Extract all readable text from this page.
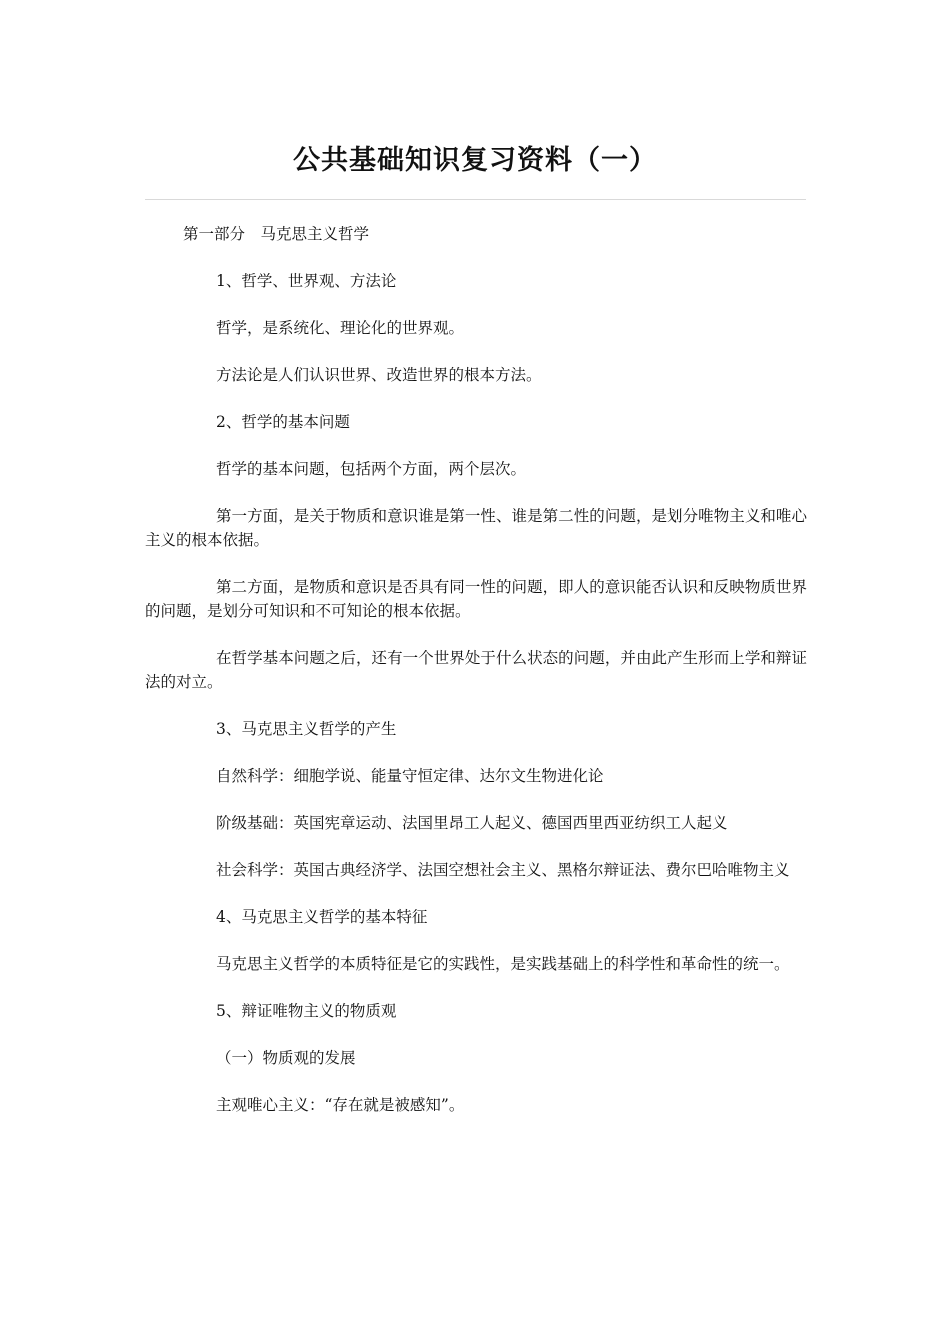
公共基础知识复习资料（一）

第一部分　马克思主义哲学

1、哲学、世界观、方法论

哲学，是系统化、理论化的世界观。

方法论是人们认识世界、改造世界的根本方法。

2、哲学的基本问题

哲学的基本问题，包括两个方面，两个层次。

第一方面，是关于物质和意识谁是第一性、谁是第二性的问题，是划分唯物主义和唯心主义的根本依据。

第二方面，是物质和意识是否具有同一性的问题，即人的意识能否认识和反映物质世界的问题，是划分可知识和不可知论的根本依据。

在哲学基本问题之后，还有一个世界处于什么状态的问题，并由此产生形而上学和辩证法的对立。

3、马克思主义哲学的产生

自然科学：细胞学说、能量守恒定律、达尔文生物进化论

阶级基础：英国宪章运动、法国里昂工人起义、德国西里西亚纺织工人起义

社会科学：英国古典经济学、法国空想社会主义、黑格尔辩证法、费尔巴哈唯物主义

4、马克思主义哲学的基本特征

马克思主义哲学的本质特征是它的实践性，是实践基础上的科学性和革命性的统一。

5、辩证唯物主义的物质观

（一）物质观的发展

主观唯心主义：“存在就是被感知”。
